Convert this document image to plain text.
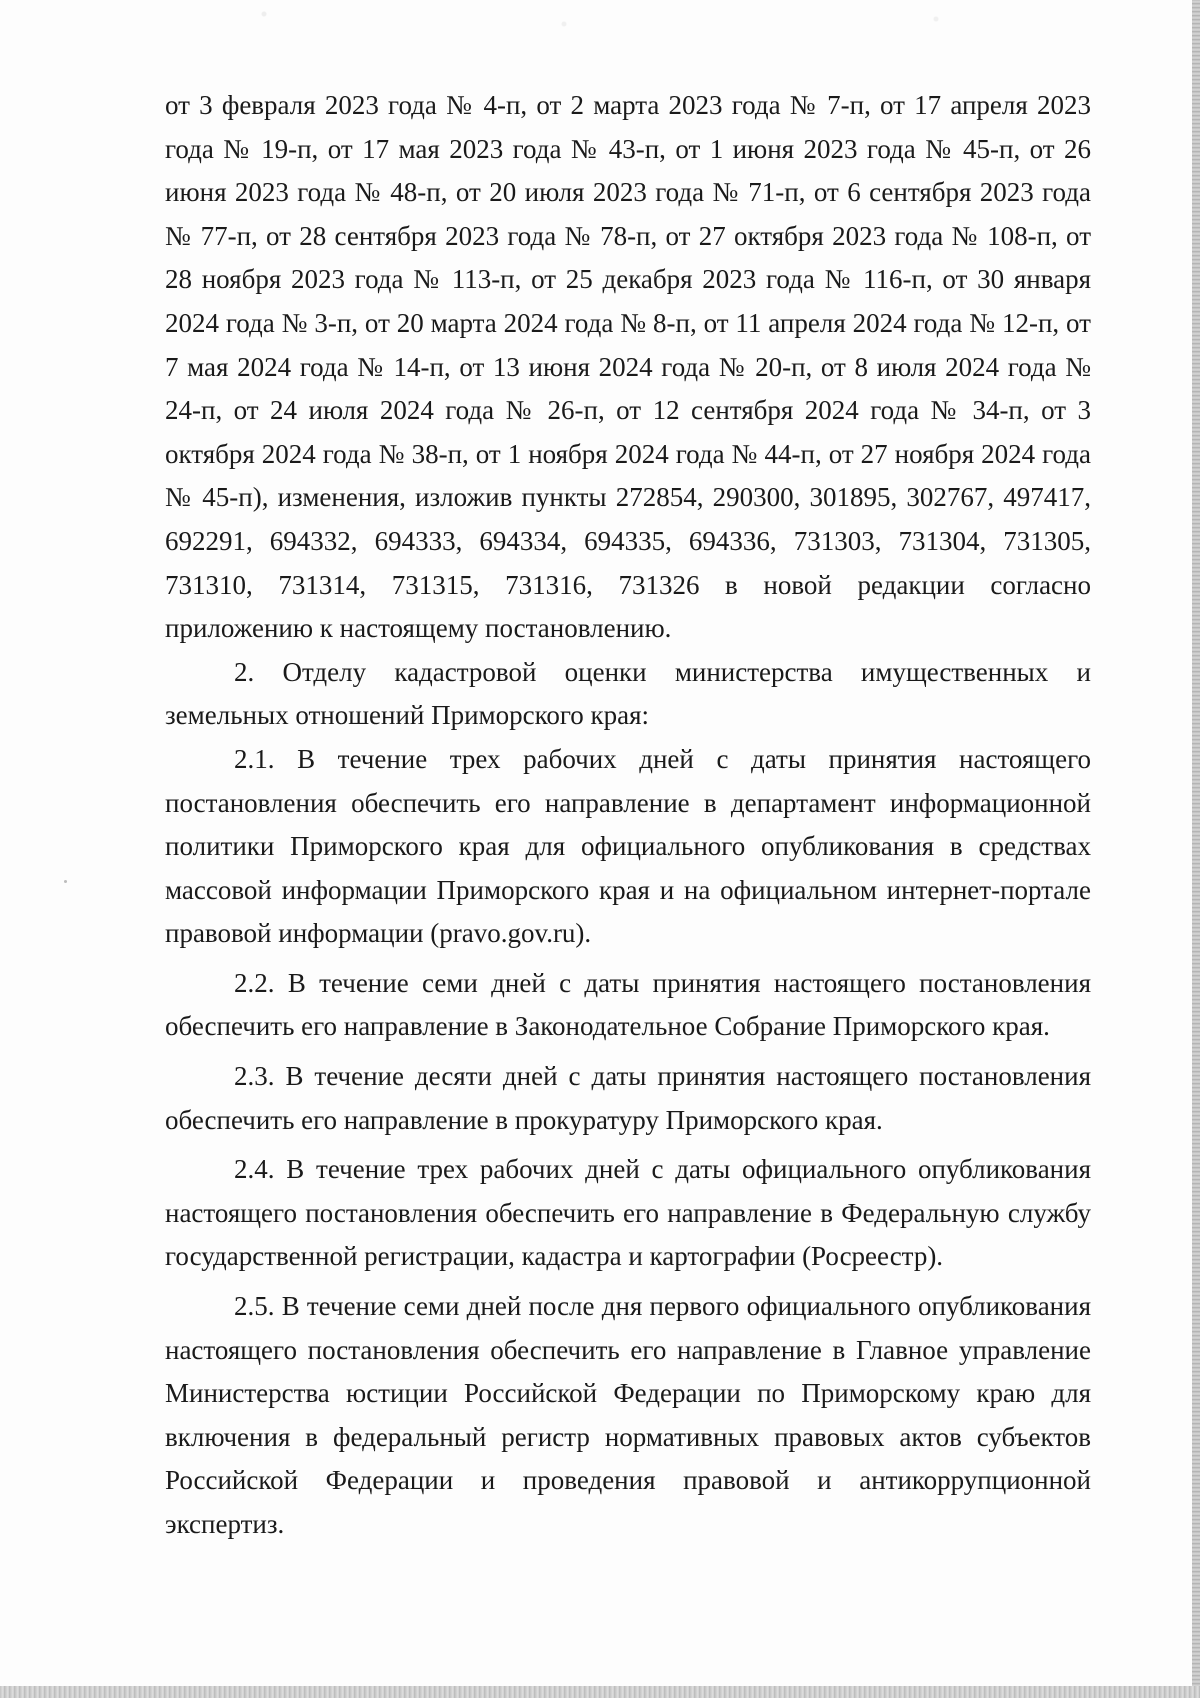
от 3 февраля 2023 года № 4-п, от 2 марта 2023 года № 7-п, от 17 апреля 2023 года № 19-п, от 17 мая 2023 года № 43-п, от 1 июня 2023 года № 45-п, от 26 июня 2023 года № 48-п, от 20 июля 2023 года № 71-п, от 6 сентября 2023 года № 77-п, от 28 сентября 2023 года № 78-п, от 27 октября 2023 года № 108-п, от 28 ноября 2023 года № 113-п, от 25 декабря 2023 года № 116-п, от 30 января 2024 года № 3-п, от 20 марта 2024 года № 8-п, от 11 апреля 2024 года № 12-п, от 7 мая 2024 года № 14-п, от 13 июня 2024 года № 20-п, от 8 июля 2024 года № 24-п, от 24 июля 2024 года № 26-п, от 12 сентября 2024 года № 34-п, от 3 октября 2024 года № 38-п, от 1 ноября 2024 года № 44-п, от 27 ноября 2024 года № 45-п), изменения, изложив пункты 272854, 290300, 301895, 302767, 497417, 692291, 694332, 694333, 694334, 694335, 694336, 731303, 731304, 731305, 731310, 731314, 731315, 731316, 731326 в новой редакции согласно приложению к настоящему постановлению.

2. Отделу кадастровой оценки министерства имущественных и земельных отношений Приморского края:

2.1. В течение трех рабочих дней с даты принятия настоящего постановления обеспечить его направление в департамент информационной политики Приморского края для официального опубликования в средствах массовой информации Приморского края и на официальном интернет-портале правовой информации (pravo.gov.ru).

2.2. В течение семи дней с даты принятия настоящего постановления обеспечить его направление в Законодательное Собрание Приморского края.

2.3. В течение десяти дней с даты принятия настоящего постановления обеспечить его направление в прокуратуру Приморского края.

2.4. В течение трех рабочих дней с даты официального опубликования настоящего постановления обеспечить его направление в Федеральную службу государственной регистрации, кадастра и картографии (Росреестр).

2.5. В течение семи дней после дня первого официального опубликования настоящего постановления обеспечить его направление в Главное управление Министерства юстиции Российской Федерации по Приморскому краю для включения в федеральный регистр нормативных правовых актов субъектов Российской Федерации и проведения правовой и антикоррупционной экспертиз.
